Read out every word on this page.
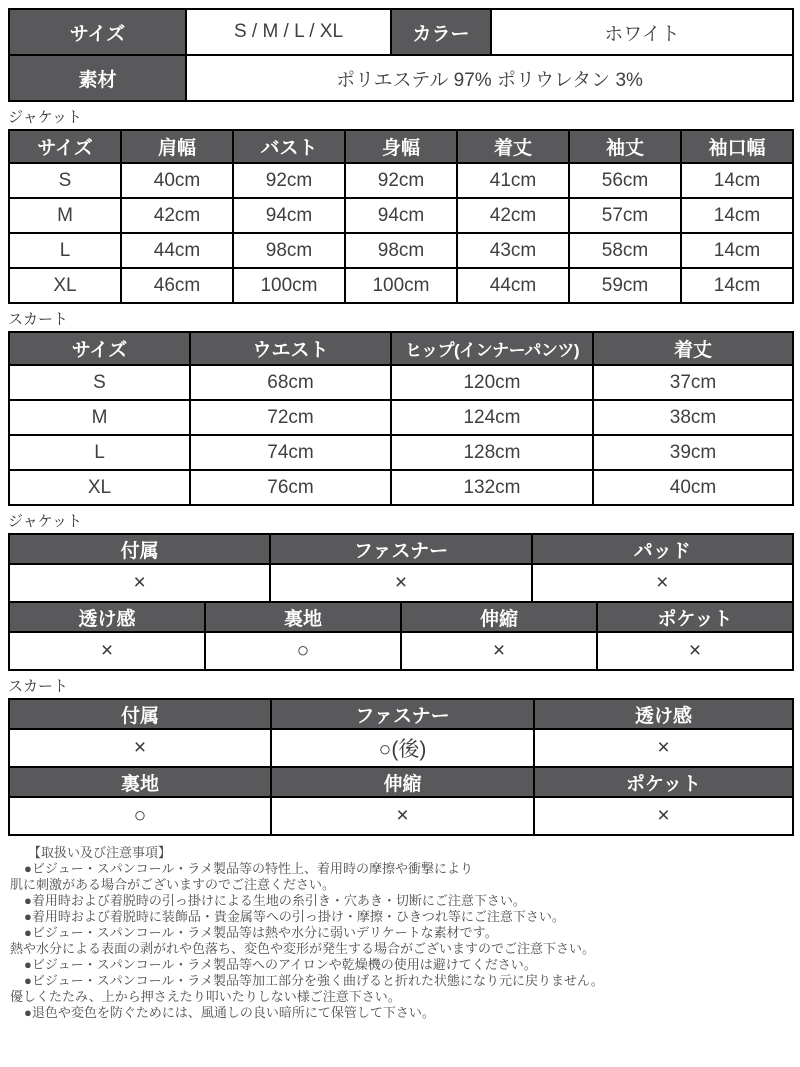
サイズ	S / M / L / XL	カラー	ホワイト
素材	ポリエステル 97% ポリウレタン 3%		
ジャケット
サイズ	肩幅	バスト	身幅	着丈	袖丈	袖口幅
S	40cm	92cm	92cm	41cm	56cm	14cm
M	42cm	94cm	94cm	42cm	57cm	14cm
L	44cm	98cm	98cm	43cm	58cm	14cm
XL	46cm	100cm	100cm	44cm	59cm	14cm
スカート
サイズ	ウエスト	ヒップ(インナーパンツ)	着丈
S	68cm	120cm	37cm
M	72cm	124cm	38cm
L	74cm	128cm	39cm
XL	76cm	132cm	40cm
ジャケット
付属		ファスナー		パッド	
×		×		×	
透け感	裏地		伸縮		ポケット
×	○		×		×
スカート
付属	ファスナー	透け感
×	○(後)	×
裏地	伸縮	ポケット
○	×	×
【取扱い及び注意事項】
●ビジュー・スパンコール・ラメ製品等の特性上、着用時の摩擦や衝撃により
肌に刺激がある場合がございますのでご注意ください。
●着用時および着脱時の引っ掛けによる生地の糸引き・穴あき・切断にご注意下さい。
●着用時および着脱時に装飾品・貴金属等への引っ掛け・摩擦・ひきつれ等にご注意下さい。
●ビジュー・スパンコール・ラメ製品等は熱や水分に弱いデリケートな素材です。
熱や水分による表面の剥がれや色落ち、変色や変形が発生する場合がございますのでご注意下さい。
●ビジュー・スパンコール・ラメ製品等へのアイロンや乾燥機の使用は避けてください。
●ビジュー・スパンコール・ラメ製品等加工部分を強く曲げると折れた状態になり元に戻りません。
優しくたたみ、上から押さえたり叩いたりしない様ご注意下さい。
●退色や変色を防ぐためには、風通しの良い暗所にて保管して下さい。
